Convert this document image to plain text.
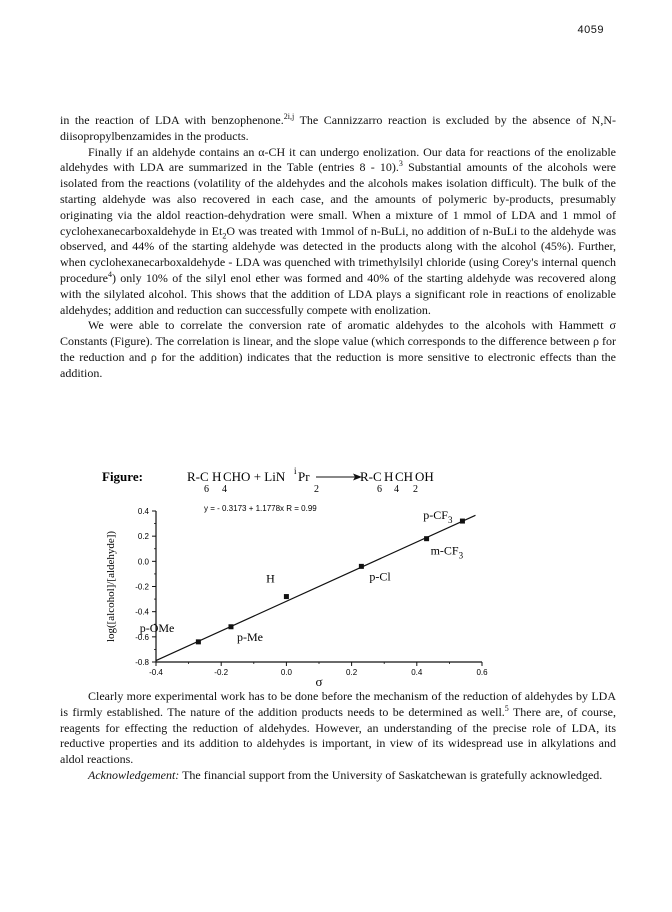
4059

in the reaction of LDA with benzophenone.$^{2i,j}$ The Cannizzarro reaction is excluded by the absence of N,N-diisopropylbenzamides in the products.

Finally if an aldehyde contains an α-CH it can undergo enolization. Our data for reactions of the enolizable aldehydes with LDA are summarized in the Table (entries 8 - 10).$^3$ Substantial amounts of the alcohols were isolated from the reactions (volatility of the aldehydes and the alcohols makes isolation difficult). The bulk of the starting aldehyde was also recovered in each case, and the amounts of polymeric by-products, presumably originating via the aldol reaction-dehydration were small. When a mixture of 1 mmol of LDA and 1 mmol of cyclohexanecarboxaldehyde in $Et_2O$ was treated with 1mmol of n-BuLi, no addition of n-BuLi to the aldehyde was observed, and 44% of the starting aldehyde was detected in the products along with the alcohol (45%). Further, when cyclohexanecarboxaldehyde - LDA was quenched with trimethylsilyl chloride (using Corey's internal quench procedure$^4$) only 10% of the silyl enol ether was formed and 40% of the starting aldehyde was recovered along with the silylated alcohol. This shows that the addition of LDA plays a significant role in reactions of enolizable aldehydes; addition and reduction can successfully compete with enolization.

We were able to correlate the conversion rate of aromatic aldehydes to the alcohols with Hammett σ Constants (Figure). The correlation is linear, and the slope value (which corresponds to the difference between ρ for the reduction and ρ for the addition) indicates that the reduction is more sensitive to electronic effects than the addition.

Figure:	R-C H
6 4
CHO + LiN i Pr
2
R-C H
6 4
CH
2
OH
y = - 0.3173 + 1.1778x R = 0.99
0.4
0.2
0.0
-0.2
-0.4
-0.6
-0.8
-0.4	-0.2	0.0	0.2	0.4	0.6
p-OMe
p-Me
H	p-Cl
$m-CF_3$
$p-CF_3$
log([alcohol]/[aldehyde])
σ

Clearly more experimental work has to be done before the mechanism of the reduction of aldehydes by LDA is firmly established. The nature of the addition products needs to be determined as well.$^5$ There are, of course, reagents for effecting the reduction of aldehydes. However, an understanding of the precise role of LDA, its reductive properties and its addition to aldehydes is important, in view of its widespread use in alkylations and aldol reactions.

Acknowledgement: The financial support from the University of Saskatchewan is gratefully acknowledged.
